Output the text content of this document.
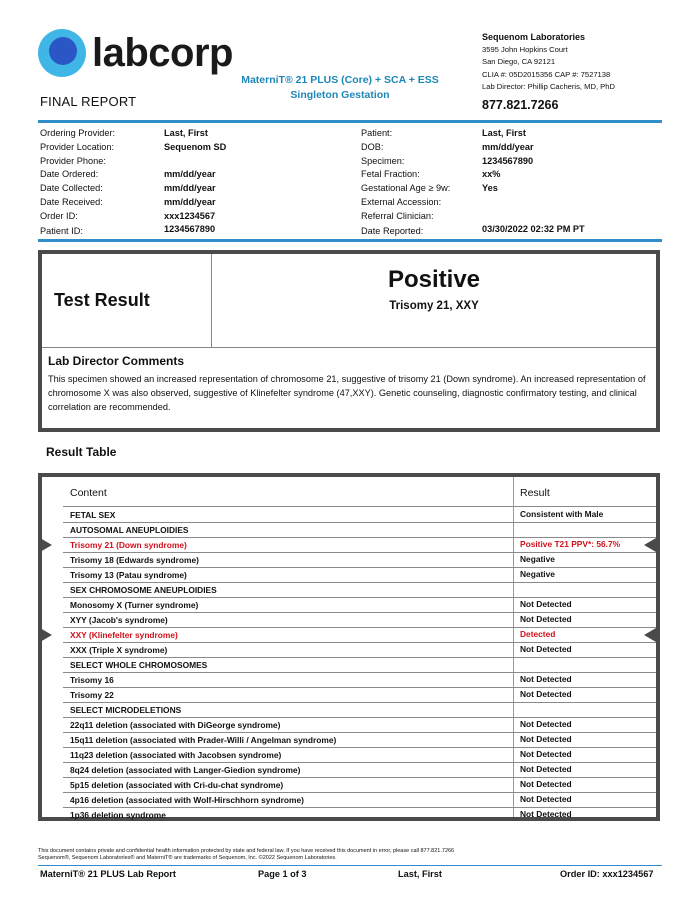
labcorp
FINAL REPORT
MaterniT® 21 PLUS (Core) + SCA + ESS
Singleton Gestation
Sequenom Laboratories
3595 John Hopkins Court
San Diego, CA 92121
CLIA #: 05D2015356 CAP #: 7527138
Lab Director: Phillip Cacheris, MD, PhD
877.821.7266
Ordering Provider:	Last, First
Provider Location:	Sequenom SD
Provider Phone:
Date Ordered:	mm/dd/year
Date Collected:	mm/dd/year
Date Received:	mm/dd/year
Order ID:	xxx1234567
Patient ID:	1234567890
Patient:	Last, First
DOB:	mm/dd/year
Specimen:	1234567890
Fetal Fraction:	xx%
Gestational Age ≥ 9w:	Yes
External Accession:
Referral Clinician:
Date Reported:	03/30/2022 02:32 PM PT
Test Result
Positive
Trisomy 21, XXY
Lab Director Comments
This specimen showed an increased representation of chromosome 21, suggestive of trisomy 21 (Down syndrome). An increased representation of chromosome X was also observed, suggestive of Klinefelter syndrome (47,XXY). Genetic counseling, diagnostic confirmatory testing, and clinical correlation are recommended.
Result Table
Content	Result
FETAL SEX	Consistent with Male
AUTOSOMAL ANEUPLOIDIES
Trisomy 21 (Down syndrome)	Positive T21 PPV*: 56.7%
Trisomy 18 (Edwards syndrome)	Negative
Trisomy 13 (Patau syndrome)	Negative
SEX CHROMOSOME ANEUPLOIDIES
Monosomy X (Turner syndrome)	Not Detected
XYY (Jacob's syndrome)	Not Detected
XXY (Klinefelter syndrome)	Detected
XXX (Triple X syndrome)	Not Detected
SELECT WHOLE CHROMOSOMES
Trisomy 16	Not Detected
Trisomy 22	Not Detected
SELECT MICRODELETIONS
22q11 deletion (associated with DiGeorge syndrome)	Not Detected
15q11 deletion (associated with Prader-Willi / Angelman syndrome)	Not Detected
11q23 deletion (associated with Jacobsen syndrome)	Not Detected
8q24 deletion (associated with Langer-Giedion syndrome)	Not Detected
5p15 deletion (associated with Cri-du-chat syndrome)	Not Detected
4p16 deletion (associated with Wolf-Hirschhorn syndrome)	Not Detected
1p36 deletion syndrome	Not Detected
This document contains private and confidential health information protected by state and federal law. If you have received this document in error, please call 877.821.7266
Sequenom®, Sequenom Laboratories® and MaterniT® are trademarks of Sequenom, Inc. ©2022 Sequenom Laboratories.
MaterniT® 21 PLUS Lab Report	Page 1 of 3	Last, First	Order ID: xxx1234567
